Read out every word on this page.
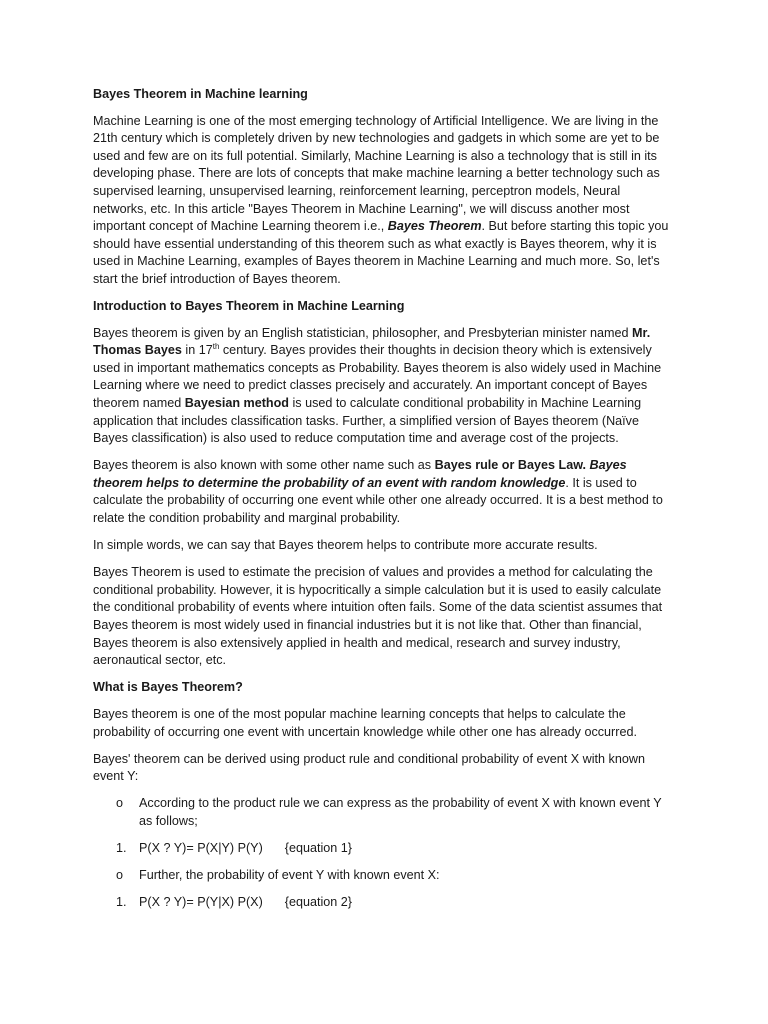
Bayes Theorem in Machine learning
Machine Learning is one of the most emerging technology of Artificial Intelligence. We are living in the 21th century which is completely driven by new technologies and gadgets in which some are yet to be used and few are on its full potential. Similarly, Machine Learning is also a technology that is still in its developing phase. There are lots of concepts that make machine learning a better technology such as supervised learning, unsupervised learning, reinforcement learning, perceptron models, Neural networks, etc. In this article "Bayes Theorem in Machine Learning", we will discuss another most important concept of Machine Learning theorem i.e., Bayes Theorem. But before starting this topic you should have essential understanding of this theorem such as what exactly is Bayes theorem, why it is used in Machine Learning, examples of Bayes theorem in Machine Learning and much more. So, let's start the brief introduction of Bayes theorem.
Introduction to Bayes Theorem in Machine Learning
Bayes theorem is given by an English statistician, philosopher, and Presbyterian minister named Mr. Thomas Bayes in 17th century. Bayes provides their thoughts in decision theory which is extensively used in important mathematics concepts as Probability. Bayes theorem is also widely used in Machine Learning where we need to predict classes precisely and accurately. An important concept of Bayes theorem named Bayesian method is used to calculate conditional probability in Machine Learning application that includes classification tasks. Further, a simplified version of Bayes theorem (Naïve Bayes classification) is also used to reduce computation time and average cost of the projects.
Bayes theorem is also known with some other name such as Bayes rule or Bayes Law. Bayes theorem helps to determine the probability of an event with random knowledge. It is used to calculate the probability of occurring one event while other one already occurred. It is a best method to relate the condition probability and marginal probability.
In simple words, we can say that Bayes theorem helps to contribute more accurate results.
Bayes Theorem is used to estimate the precision of values and provides a method for calculating the conditional probability. However, it is hypocritically a simple calculation but it is used to easily calculate the conditional probability of events where intuition often fails. Some of the data scientist assumes that Bayes theorem is most widely used in financial industries but it is not like that. Other than financial, Bayes theorem is also extensively applied in health and medical, research and survey industry, aeronautical sector, etc.
What is Bayes Theorem?
Bayes theorem is one of the most popular machine learning concepts that helps to calculate the probability of occurring one event with uncertain knowledge while other one has already occurred.
Bayes' theorem can be derived using product rule and conditional probability of event X with known event Y:
o According to the product rule we can express as the probability of event X with known event Y as follows;
1. P(X ? Y)= P(X|Y) P(Y) {equation 1}
o Further, the probability of event Y with known event X:
1. P(X ? Y)= P(Y|X) P(X) {equation 2}
